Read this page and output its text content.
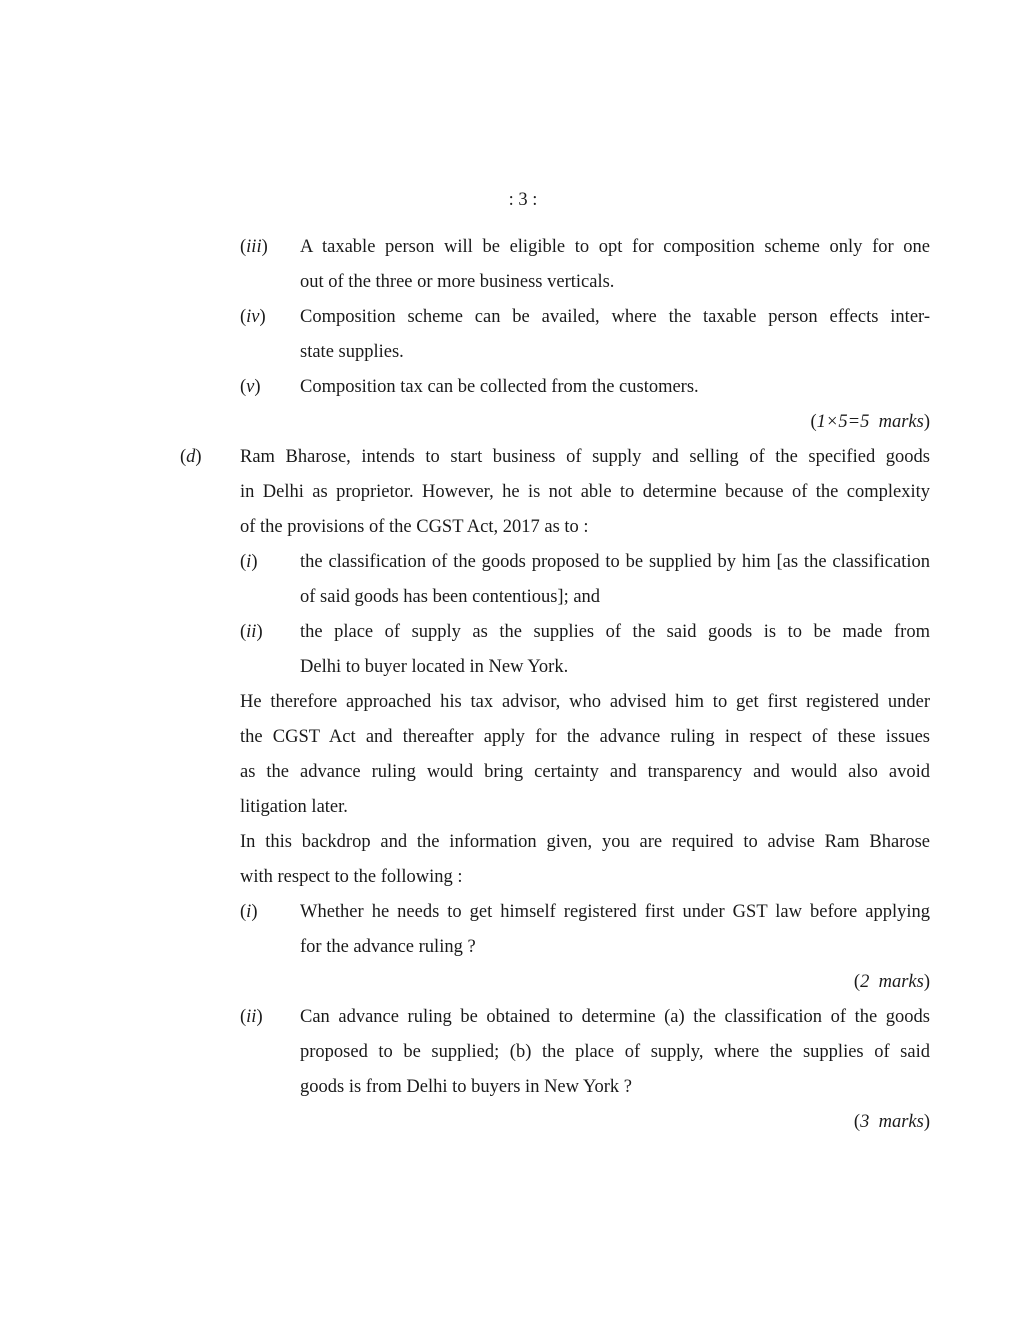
: 3 :
(iii) A taxable person will be eligible to opt for composition scheme only for one
out of the three or more business verticals.
(iv) Composition scheme can be availed, where the taxable person effects inter-
state supplies.
(v) Composition tax can be collected from the customers.
(1×5=5 marks)
(d) Ram Bharose, intends to start business of supply and selling of the specified goods
in Delhi as proprietor. However, he is not able to determine because of the complexity
of the provisions of the CGST Act, 2017 as to :
(i) the classification of the goods proposed to be supplied by him [as the classification
of said goods has been contentious]; and
(ii) the place of supply as the supplies of the said goods is to be made from
Delhi to buyer located in New York.
He therefore approached his tax advisor, who advised him to get first registered under
the CGST Act and thereafter apply for the advance ruling in respect of these issues
as the advance ruling would bring certainty and transparency and would also avoid
litigation later.
In this backdrop and the information given, you are required to advise Ram Bharose
with respect to the following :
(i) Whether he needs to get himself registered first under GST law before applying
for the advance ruling ?
(2 marks)
(ii) Can advance ruling be obtained to determine (a) the classification of the goods
proposed to be supplied; (b) the place of supply, where the supplies of said
goods is from Delhi to buyers in New York ?
(3 marks)
